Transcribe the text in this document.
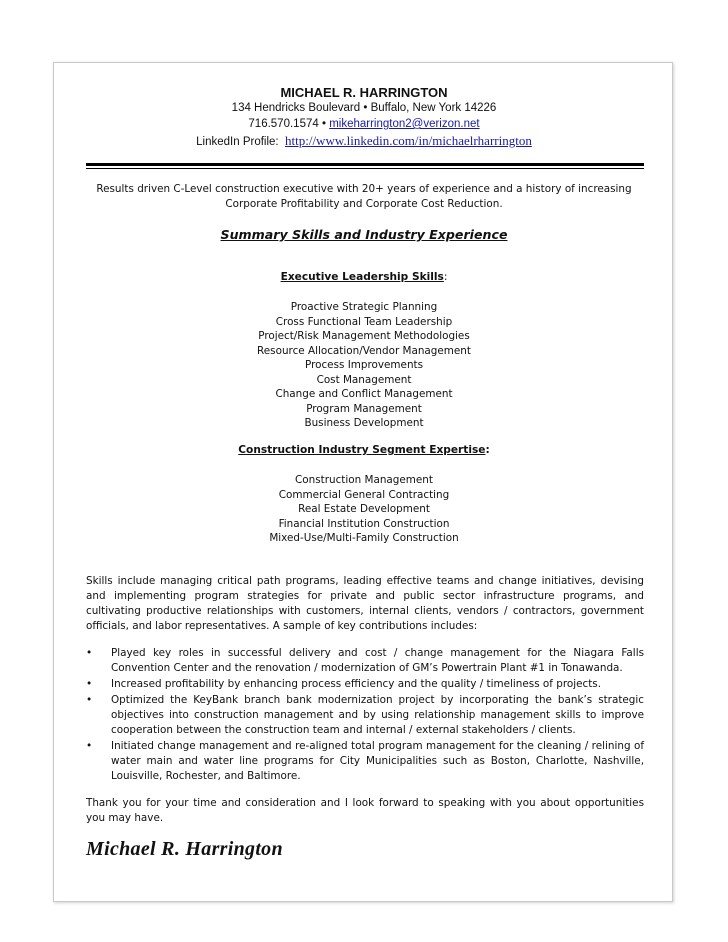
MICHAEL R. HARRINGTON
134 Hendricks Boulevard • Buffalo, New York 14226
716.570.1574 • mikeharrington2@verizon.net
LinkedIn Profile: http://www.linkedin.com/in/michaelrharrington
Results driven C-Level construction executive with 20+ years of experience and a history of increasing
Corporate Profitability and Corporate Cost Reduction.
Summary Skills and Industry Experience
Executive Leadership Skills:
Proactive Strategic Planning
Cross Functional Team Leadership
Project/Risk Management Methodologies
Resource Allocation/Vendor Management
Process Improvements
Cost Management
Change and Conflict Management
Program Management
Business Development
Construction Industry Segment Expertise:
Construction Management
Commercial General Contracting
Real Estate Development
Financial Institution Construction
Mixed-Use/Multi-Family Construction
Skills include managing critical path programs, leading effective teams and change initiatives, devising and implementing program strategies for private and public sector infrastructure programs, and cultivating productive relationships with customers, internal clients, vendors / contractors, government officials, and labor representatives. A sample of key contributions includes:
• Played key roles in successful delivery and cost / change management for the Niagara Falls Convention Center and the renovation / modernization of GM’s Powertrain Plant #1 in Tonawanda.
• Increased profitability by enhancing process efficiency and the quality / timeliness of projects.
• Optimized the KeyBank branch bank modernization project by incorporating the bank’s strategic objectives into construction management and by using relationship management skills to improve cooperation between the construction team and internal / external stakeholders / clients.
• Initiated change management and re-aligned total program management for the cleaning / relining of water main and water line programs for City Municipalities such as Boston, Charlotte, Nashville, Louisville, Rochester, and Baltimore.
Thank you for your time and consideration and I look forward to speaking with you about opportunities you may have.
Michael R. Harrington
